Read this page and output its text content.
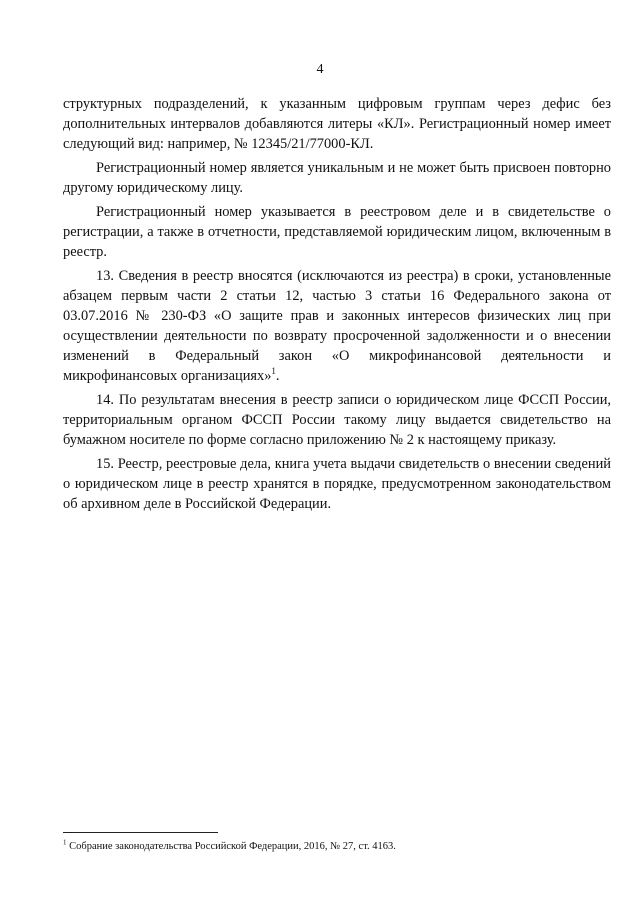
4

структурных подразделений, к указанным цифровым группам через дефис без дополнительных интервалов добавляются литеры «КЛ». Регистрационный номер имеет следующий вид: например, № 12345/21/77000-КЛ.

Регистрационный номер является уникальным и не может быть присвоен повторно другому юридическому лицу.

Регистрационный номер указывается в реестровом деле и в свидетельстве о регистрации, а также в отчетности, представляемой юридическим лицом, включенным в реестр.

13. Сведения в реестр вносятся (исключаются из реестра) в сроки, установленные абзацем первым части 2 статьи 12, частью 3 статьи 16 Федерального закона от 03.07.2016 № 230-ФЗ «О защите прав и законных интересов физических лиц при осуществлении деятельности по возврату просроченной задолженности и о внесении изменений в Федеральный закон «О микрофинансовой деятельности и микрофинансовых организациях»$^1$.

14. По результатам внесения в реестр записи о юридическом лице ФССП России, территориальным органом ФССП России такому лицу выдается свидетельство на бумажном носителе по форме согласно приложению № 2 к настоящему приказу.

15. Реестр, реестровые дела, книга учета выдачи свидетельств о внесении сведений о юридическом лице в реестр хранятся в порядке, предусмотренном законодательством об архивном деле в Российской Федерации.

$^1$ Собрание законодательства Российской Федерации, 2016, № 27, ст. 4163.
